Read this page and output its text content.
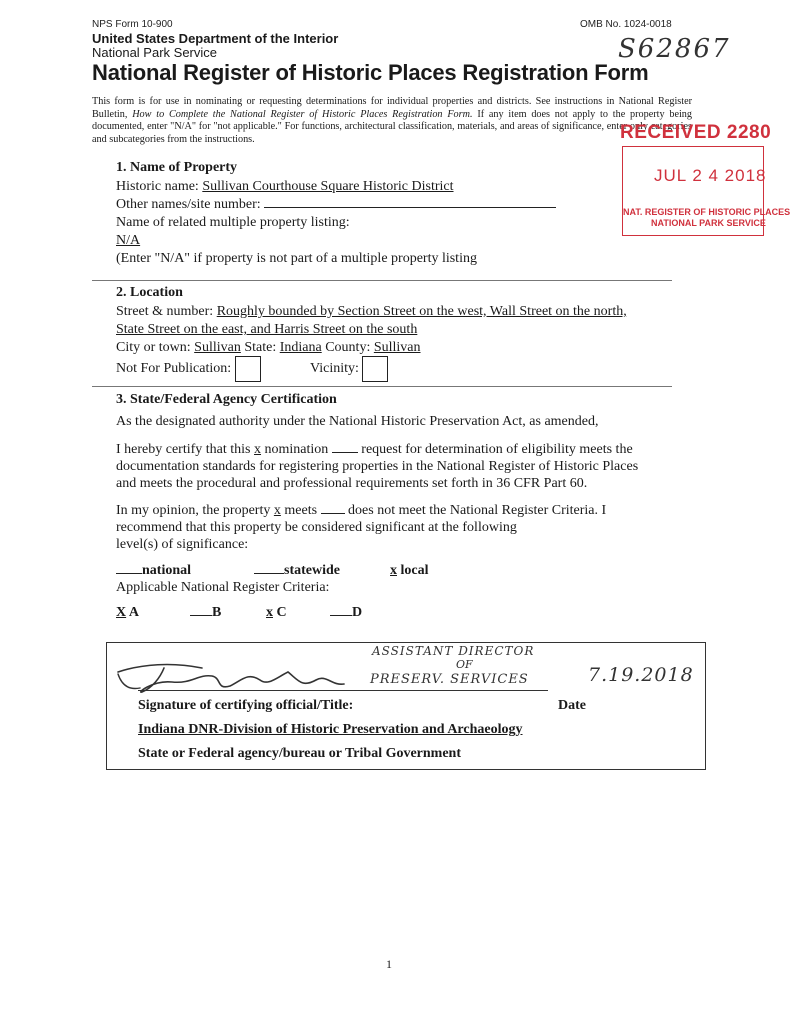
NPS Form 10-900	OMB No. 1024-0018
United States Department of the Interior
National Park Service	S62867
National Register of Historic Places Registration Form
This form is for use in nominating or requesting determinations for individual properties and districts. See instructions in National Register Bulletin, How to Complete the National Register of Historic Places Registration Form. If any item does not apply to the property being documented, enter "N/A" for "not applicable." For functions, architectural classification, materials, and areas of significance, enter only categories and subcategories from the instructions.	RECEIVED 2280
JUL 2 4 2018
NAT. REGISTER OF HISTORIC PLACES
NATIONAL PARK SERVICE
1. Name of Property
Historic name: Sullivan Courthouse Square Historic District
Other names/site number:
Name of related multiple property listing:
N/A
(Enter "N/A" if property is not part of a multiple property listing
2. Location
Street & number: Roughly bounded by Section Street on the west, Wall Street on the north,
State Street on the east, and Harris Street on the south
City or town: Sullivan State: Indiana County: Sullivan
Not For Publication:	Vicinity:
3. State/Federal Agency Certification
As the designated authority under the National Historic Preservation Act, as amended,
I hereby certify that this x nomination  request for determination of eligibility meets the
documentation standards for registering properties in the National Register of Historic Places
and meets the procedural and professional requirements set forth in 36 CFR Part 60.
In my opinion, the property x meets  does not meet the National Register Criteria. I
recommend that this property be considered significant at the following
level(s) of significance:
national	statewide	x local
Applicable National Register Criteria:
X A	B	x C	D
ASSISTANT DIRECTOR
OF
PRESERV. SERVICES	7.19.2018
Signature of certifying official/Title:	Date
Indiana DNR-Division of Historic Preservation and Archaeology
State or Federal agency/bureau or Tribal Government
1
